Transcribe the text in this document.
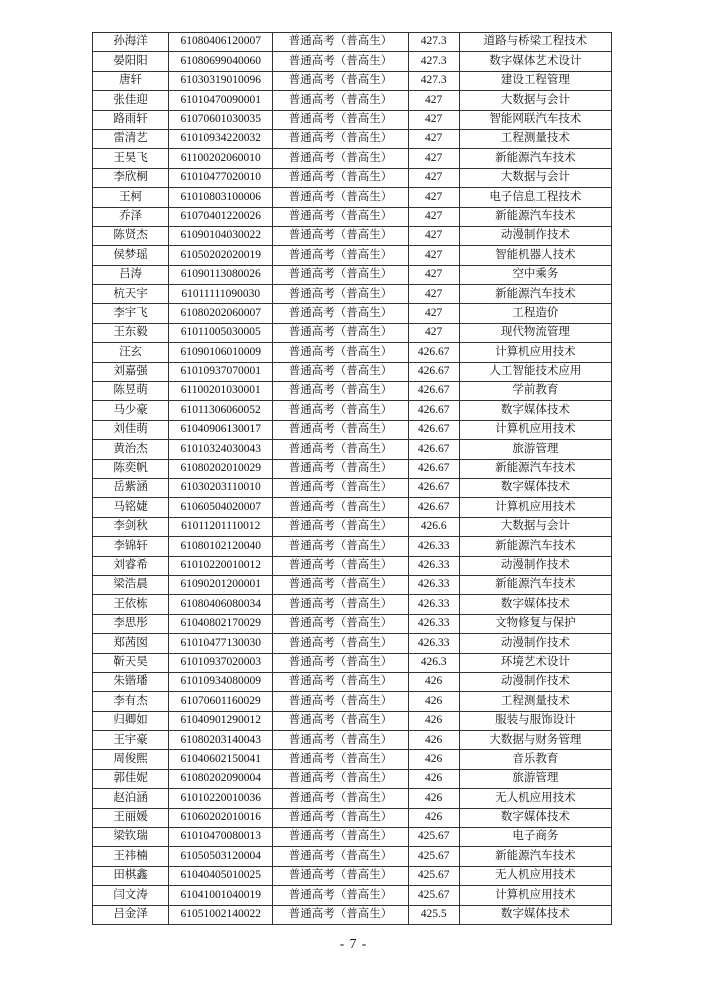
孙海洋	61080406120007	普通高考（普高生）	427.3	道路与桥梁工程技术
晏阳阳	61080699040060	普通高考（普高生）	427.3	数字媒体艺术设计
唐轩	61030319010096	普通高考（普高生）	427.3	建设工程管理
张佳迎	61010470090001	普通高考（普高生）	427	大数据与会计
路雨轩	61070601030035	普通高考（普高生）	427	智能网联汽车技术
雷清艺	61010934220032	普通高考（普高生）	427	工程测量技术
王昊飞	61100202060010	普通高考（普高生）	427	新能源汽车技术
李欣桐	61010477020010	普通高考（普高生）	427	大数据与会计
王柯	61010803100006	普通高考（普高生）	427	电子信息工程技术
乔泽	61070401220026	普通高考（普高生）	427	新能源汽车技术
陈贤杰	61090104030022	普通高考（普高生）	427	动漫制作技术
侯梦瑶	61050202020019	普通高考（普高生）	427	智能机器人技术
吕涛	61090113080026	普通高考（普高生）	427	空中乘务
杭天宇	61011111090030	普通高考（普高生）	427	新能源汽车技术
李宇飞	61080202060007	普通高考（普高生）	427	工程造价
王东毅	61011005030005	普通高考（普高生）	427	现代物流管理
汪玄	61090106010009	普通高考（普高生）	426.67	计算机应用技术
刘嘉强	61010937070001	普通高考（普高生）	426.67	人工智能技术应用
陈昱萌	61100201030001	普通高考（普高生）	426.67	学前教育
马少豪	61011306060052	普通高考（普高生）	426.67	数字媒体技术
刘佳萌	61040906130017	普通高考（普高生）	426.67	计算机应用技术
黄治杰	61010324030043	普通高考（普高生）	426.67	旅游管理
陈奕帆	61080202010029	普通高考（普高生）	426.67	新能源汽车技术
岳紫涵	61030203110010	普通高考（普高生）	426.67	数字媒体技术
马铭婕	61060504020007	普通高考（普高生）	426.67	计算机应用技术
李剑秋	61011201110012	普通高考（普高生）	426.6	大数据与会计
李锦轩	61080102120040	普通高考（普高生）	426.33	新能源汽车技术
刘睿希	61010220010012	普通高考（普高生）	426.33	动漫制作技术
梁浩晨	61090201200001	普通高考（普高生）	426.33	新能源汽车技术
王依栋	61080406080034	普通高考（普高生）	426.33	数字媒体技术
李思彤	61040802170029	普通高考（普高生）	426.33	文物修复与保护
郑茜囡	61010477130030	普通高考（普高生）	426.33	动漫制作技术
靳天昊	61010937020003	普通高考（普高生）	426.3	环境艺术设计
朱锴璠	61010934080009	普通高考（普高生）	426	动漫制作技术
李有杰	61070601160029	普通高考（普高生）	426	工程测量技术
归卿如	61040901290012	普通高考（普高生）	426	服装与服饰设计
王宇豪	61080203140043	普通高考（普高生）	426	大数据与财务管理
周俊熙	61040602150041	普通高考（普高生）	426	音乐教育
郭佳妮	61080202090004	普通高考（普高生）	426	旅游管理
赵泊涵	61010220010036	普通高考（普高生）	426	无人机应用技术
王丽媛	61060202010016	普通高考（普高生）	426	数字媒体技术
梁钦瑞	61010470080013	普通高考（普高生）	425.67	电子商务
王祎楠	61050503120004	普通高考（普高生）	425.67	新能源汽车技术
田棋鑫	61040405010025	普通高考（普高生）	425.67	无人机应用技术
闫文涛	61041001040019	普通高考（普高生）	425.67	计算机应用技术
吕金泽	61051002140022	普通高考（普高生）	425.5	数字媒体技术
- 7 -
